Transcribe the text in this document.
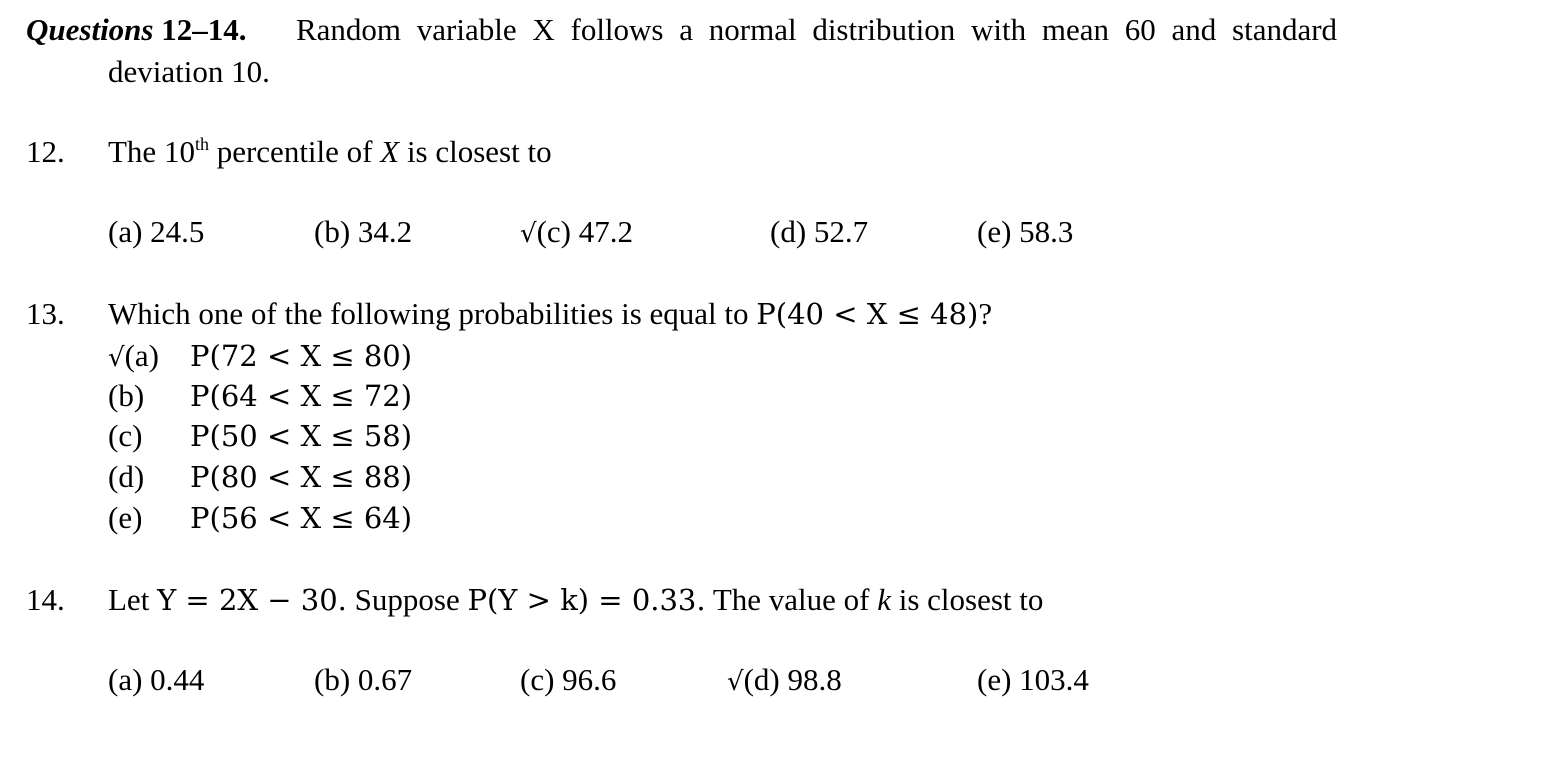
Questions 12–14. Random variable X follows a normal distribution with mean 60 and standard
deviation 10.
12. The 10th percentile of X is closest to
(a) 24.5	(b) 34.2	√(c) 47.2	(d) 52.7	(e) 58.3
13. Which one of the following probabilities is equal to P(40 < X ≤ 48)?
√(a) P(72 < X ≤ 80)
(b) P(64 < X ≤ 72)
(c) P(50 < X ≤ 58)
(d) P(80 < X ≤ 88)
(e) P(56 < X ≤ 64)
14. Let Y = 2X − 30. Suppose P(Y > k) = 0.33. The value of k is closest to
(a) 0.44	(b) 0.67	(c) 96.6	√(d) 98.8	(e) 103.4
